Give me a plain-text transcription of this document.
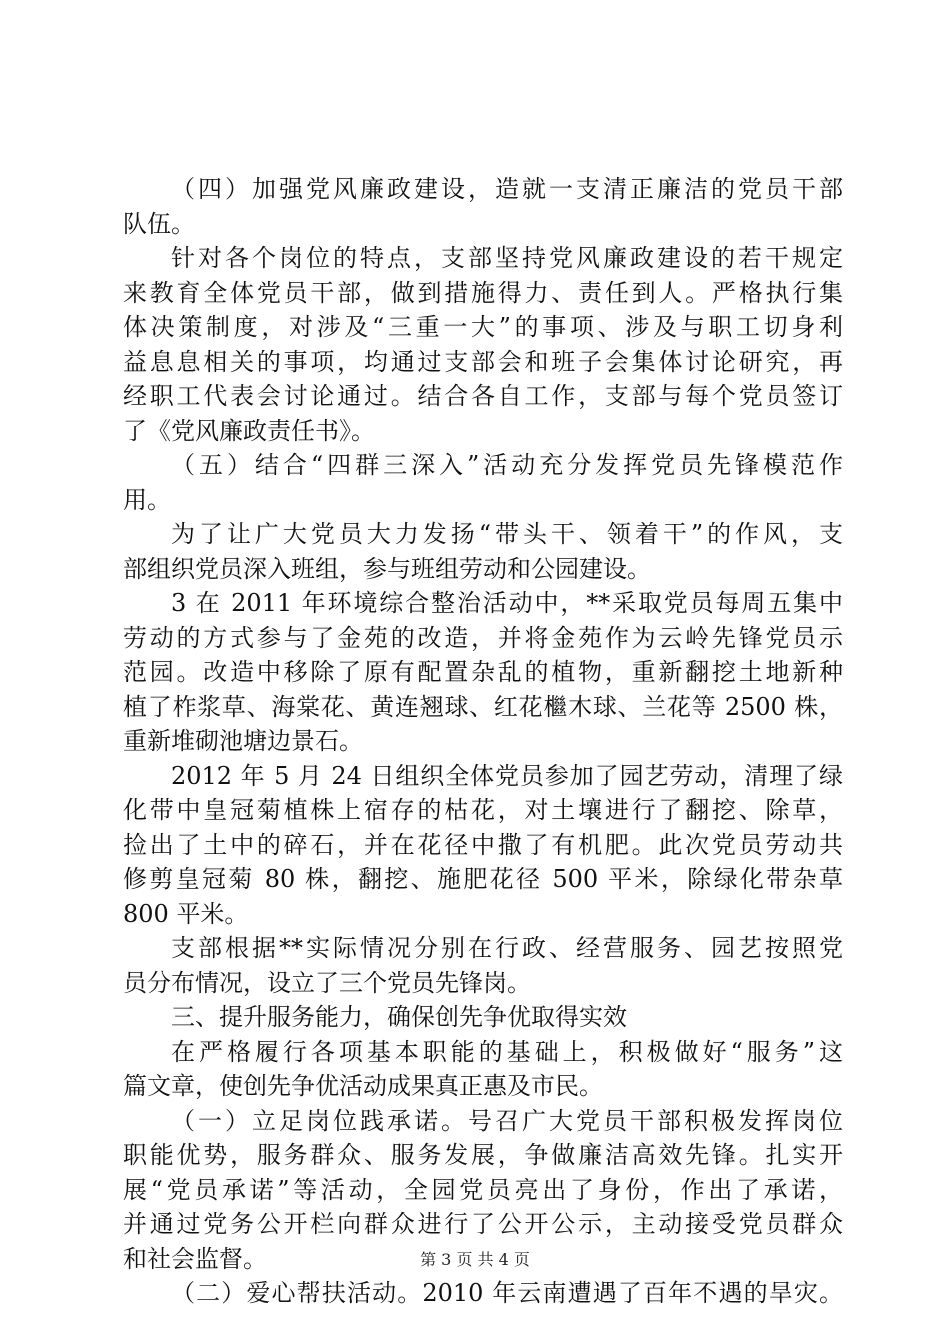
（四）加强党风廉政建设，造就一支清正廉洁的党员干部
队伍。
针对各个岗位的特点，支部坚持党风廉政建设的若干规定
来教育全体党员干部，做到措施得力、责任到人。严格执行集
体决策制度，对涉及“三重一大”的事项、涉及与职工切身利
益息息相关的事项，均通过支部会和班子会集体讨论研究，再
经职工代表会讨论通过。结合各自工作，支部与每个党员签订
了《党风廉政责任书》。
（五）结合“四群三深入”活动充分发挥党员先锋模范作
用。
为了让广大党员大力发扬“带头干、领着干”的作风，支
部组织党员深入班组，参与班组劳动和公园建设。
3 在 2011 年环境综合整治活动中，**采取党员每周五集中
劳动的方式参与了金苑的改造，并将金苑作为云岭先锋党员示
范园。改造中移除了原有配置杂乱的植物，重新翻挖土地新种
植了柞浆草、海棠花、黄连翘球、红花檵木球、兰花等 2500 株，
重新堆砌池塘边景石。
2012 年 5 月 24 日组织全体党员参加了园艺劳动，清理了绿
化带中皇冠菊植株上宿存的枯花，对土壤进行了翻挖、除草，
捡出了土中的碎石，并在花径中撒了有机肥。此次党员劳动共
修剪皇冠菊 80 株，翻挖、施肥花径 500 平米，除绿化带杂草
800 平米。
支部根据**实际情况分别在行政、经营服务、园艺按照党
员分布情况，设立了三个党员先锋岗。
三、提升服务能力，确保创先争优取得实效
在严格履行各项基本职能的基础上，积极做好“服务”这
篇文章，使创先争优活动成果真正惠及市民。
（一）立足岗位践承诺。号召广大党员干部积极发挥岗位
职能优势，服务群众、服务发展，争做廉洁高效先锋。扎实开
展“党员承诺”等活动，全园党员亮出了身份，作出了承诺，
并通过党务公开栏向群众进行了公开公示，主动接受党员群众
和社会监督。
（二）爱心帮扶活动。2010 年云南遭遇了百年不遇的旱灾。
第 3 页 共 4 页
